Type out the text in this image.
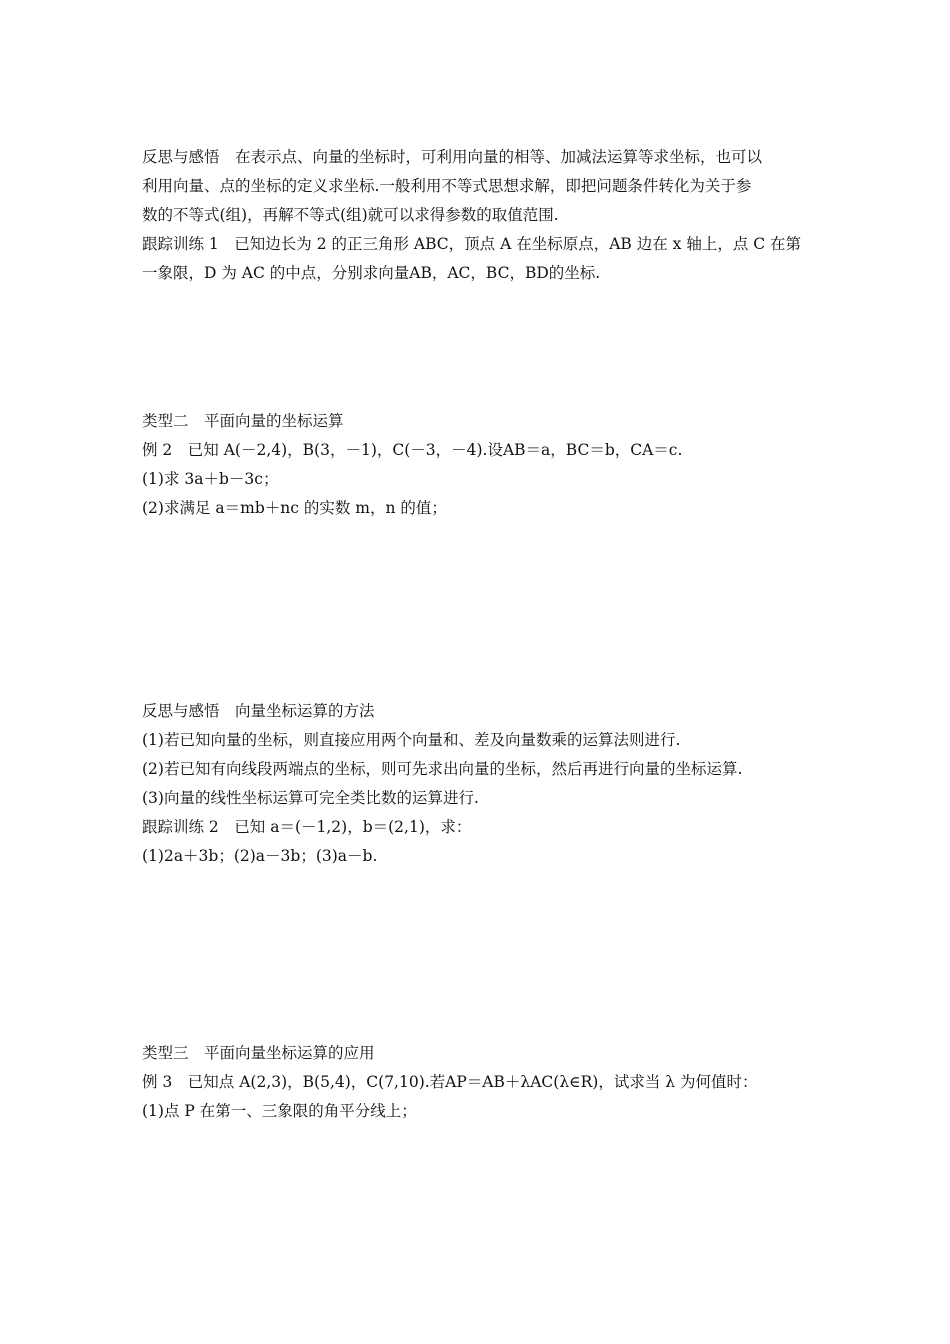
反思与感悟　在表示点、向量的坐标时，可利用向量的相等、加减法运算等求坐标，也可以
利用向量、点的坐标的定义求坐标.一般利用不等式思想求解，即把问题条件转化为关于参
数的不等式(组)，再解不等式(组)就可以求得参数的取值范围.
跟踪训练 1　已知边长为 2 的正三角形 ABC，顶点 A 在坐标原点，AB 边在 x 轴上，点 C 在第
一象限，D 为 AC 的中点，分别求向量AB，AC，BC，BD的坐标.
类型二　平面向量的坐标运算
例 2　已知 A(－2,4)，B(3，－1)，C(－3，－4).设AB＝a，BC＝b，CA＝c.
(1)求 3a＋b－3c；
(2)求满足 a＝mb＋nc 的实数 m，n 的值；
反思与感悟　向量坐标运算的方法
(1)若已知向量的坐标，则直接应用两个向量和、差及向量数乘的运算法则进行.
(2)若已知有向线段两端点的坐标，则可先求出向量的坐标，然后再进行向量的坐标运算.
(3)向量的线性坐标运算可完全类比数的运算进行.
跟踪训练 2　已知 a＝(－1,2)，b＝(2,1)，求：
(1)2a＋3b；(2)a－3b；(3)a－b.
类型三　平面向量坐标运算的应用
例 3　已知点 A(2,3)，B(5,4)，C(7,10).若AP＝AB＋λAC(λ∈R)，试求当 λ 为何值时：
(1)点 P 在第一、三象限的角平分线上；
